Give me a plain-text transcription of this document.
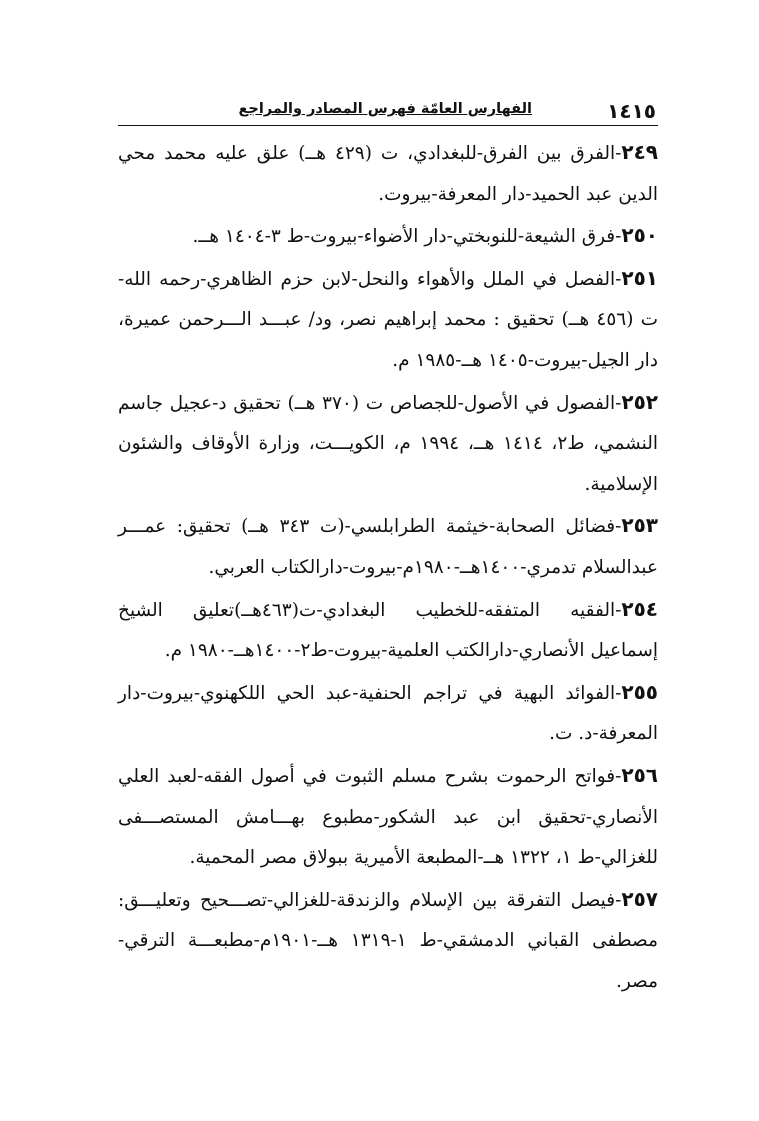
١٤١٥
الفهارس العامّة فهرس المصادر والمراجع
٢٤٩-الفرق بين الفرق-للبغدادي، ت (٤٢٩ هــ) علق عليه محمد محي الدين عبد الحميد-دار المعرفة-بيروت.
٢٥٠-فرق الشيعة-للنوبختي-دار الأضواء-بيروت-ط ٣-١٤٠٤ هــ.
٢٥١-الفصل في الملل والأهواء والنحل-لابن حزم الظاهري-رحمه الله-ت (٤٥٦ هــ) تحقيق : محمد إبراهيم نصر، ود/ عبـــد الـــرحمن عميرة، دار الجيل-بيروت-١٤٠٥ هــ-١٩٨٥ م.
٢٥٢-الفصول في الأصول-للجصاص ت (٣٧٠ هــ) تحقيق د-عجيل جاسم النشمي، ط٢، ١٤١٤ هــ، ١٩٩٤ م، الكويـــت، وزارة الأوقاف والشئون الإسلامية.
٢٥٣-فضائل الصحابة-خيثمة الطرابلسي-(ت ٣٤٣ هــ) تحقيق: عمـــر عبدالسلام تدمري-١٤٠٠هــ-١٩٨٠م-بيروت-دارالكتاب العربي.
٢٥٤-الفقيه المتفقه-للخطيب البغدادي-ت(٤٦٣هــ)تعليق الشيخ إسماعيل الأنصاري-دارالكتب العلمية-بيروت-ط٢-١٤٠٠هــ-١٩٨٠ م.
٢٥٥-الفوائد البهية في تراجم الحنفية-عبد الحي اللكهنوي-بيروت-دار المعرفة-د. ت.
٢٥٦-فواتح الرحموت بشرح مسلم الثبوت في أصول الفقه-لعبد العلي الأنصاري-تحقيق ابن عبد الشكور-مطبوع بهـــامش المستصـــفى للغزالي-ط ١، ١٣٢٢ هــ-المطبعة الأميرية ببولاق مصر المحمية.
٢٥٧-فيصل التفرقة بين الإسلام والزندقة-للغزالي-تصـــحيح وتعليـــق: مصطفى القباني الدمشقي-ط ١-١٣١٩ هــ-١٩٠١م-مطبعـــة الترقي-مصر.
